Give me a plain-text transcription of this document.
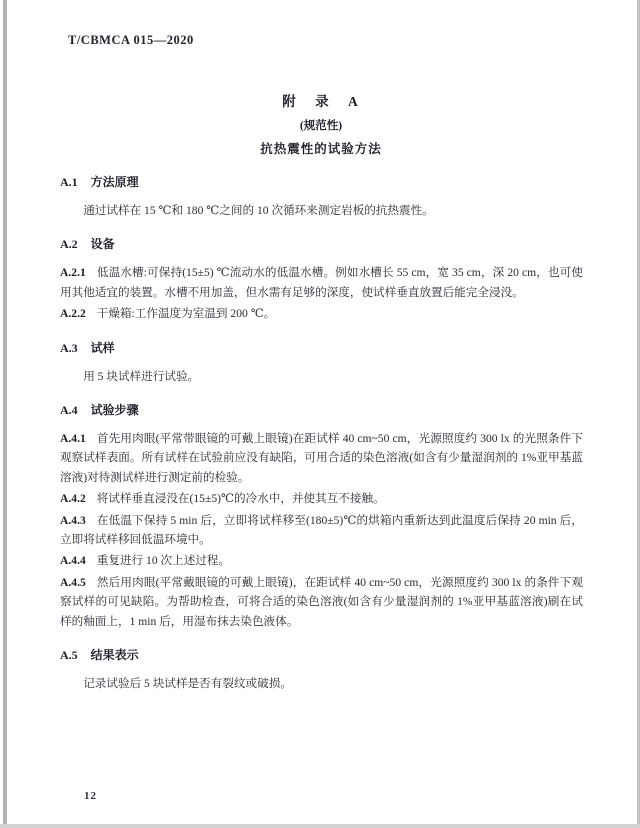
T/CBMCA 015—2020
附 录 A
(规范性)
抗热震性的试验方法
A.1 方法原理

通过试样在 15 ℃和 180 ℃之间的 10 次循环来测定岩板的抗热震性。

A.2 设备

A.2.1 低温水槽:可保持(15±5) ℃流动水的低温水槽。例如水槽长 55 cm，宽 35 cm，深 20 cm，也可使用其他适宜的装置。水槽不用加盖，但水需有足够的深度，使试样垂直放置后能完全浸没。

A.2.2 干燥箱:工作温度为室温到 200 ℃。

A.3 试样

用 5 块试样进行试验。

A.4 试验步骤

A.4.1 首先用肉眼(平常带眼镜的可戴上眼镜)在距试样 40 cm~50 cm，光源照度约 300 lx 的光照条件下观察试样表面。所有试样在试验前应没有缺陷，可用合适的染色溶液(如含有少量湿润剂的 1%亚甲基蓝溶液)对待测试样进行测定前的检验。

A.4.2 将试样垂直浸没在(15±5)℃的冷水中，并使其互不接触。

A.4.3 在低温下保持 5 min 后，立即将试样移至(180±5)℃的烘箱内重新达到此温度后保持 20 min 后，立即将试样移回低温环境中。

A.4.4 重复进行 10 次上述过程。

A.4.5 然后用肉眼(平常戴眼镜的可戴上眼镜)，在距试样 40 cm~50 cm，光源照度约 300 lx 的条件下观察试样的可见缺陷。为帮助检查，可将合适的染色溶液(如含有少量湿润剂的 1%亚甲基蓝溶液)刷在试样的釉面上，1 min 后，用湿布抹去染色液体。

A.5 结果表示

记录试验后 5 块试样是否有裂纹或破损。

12
